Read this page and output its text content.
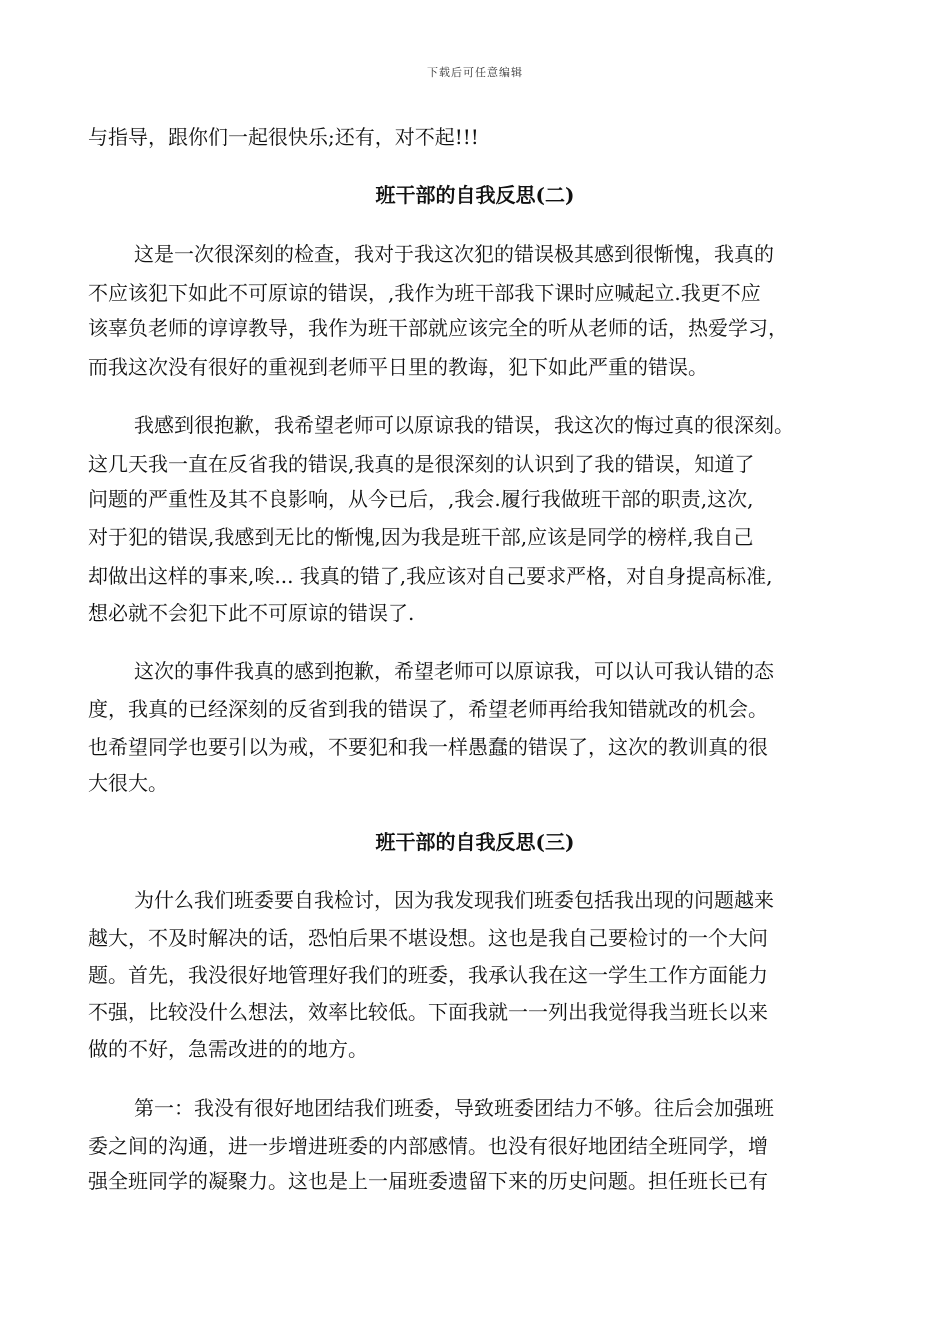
下载后可任意编辑
与指导，跟你们一起很快乐;还有，对不起!!!
班干部的自我反思(二)
这是一次很深刻的检查，我对于我这次犯的错误极其感到很惭愧，我真的
不应该犯下如此不可原谅的错误，,我作为班干部我下课时应喊起立.我更不应
该辜负老师的谆谆教导，我作为班干部就应该完全的听从老师的话，热爱学习，
而我这次没有很好的重视到老师平日里的教诲，犯下如此严重的错误。
我感到很抱歉，我希望老师可以原谅我的错误，我这次的悔过真的很深刻。
这几天我一直在反省我的错误,我真的是很深刻的认识到了我的错误，知道了
问题的严重性及其不良影响，从今已后，,我会.履行我做班干部的职责,这次,
对于犯的错误,我感到无比的惭愧,因为我是班干部,应该是同学的榜样,我自己
却做出这样的事来,唉... 我真的错了,我应该对自己要求严格，对自身提高标准,
想必就不会犯下此不可原谅的错误了.
这次的事件我真的感到抱歉，希望老师可以原谅我，可以认可我认错的态
度，我真的已经深刻的反省到我的错误了，希望老师再给我知错就改的机会。
也希望同学也要引以为戒，不要犯和我一样愚蠢的错误了，这次的教训真的很
大很大。
班干部的自我反思(三)
为什么我们班委要自我检讨，因为我发现我们班委包括我出现的问题越来
越大，不及时解决的话，恐怕后果不堪设想。这也是我自己要检讨的一个大问
题。首先，我没很好地管理好我们的班委，我承认我在这一学生工作方面能力
不强，比较没什么想法，效率比较低。下面我就一一列出我觉得我当班长以来
做的不好，急需改进的的地方。
第一：我没有很好地团结我们班委，导致班委团结力不够。往后会加强班
委之间的沟通，进一步增进班委的内部感情。也没有很好地团结全班同学，增
强全班同学的凝聚力。这也是上一届班委遗留下来的历史问题。担任班长已有
